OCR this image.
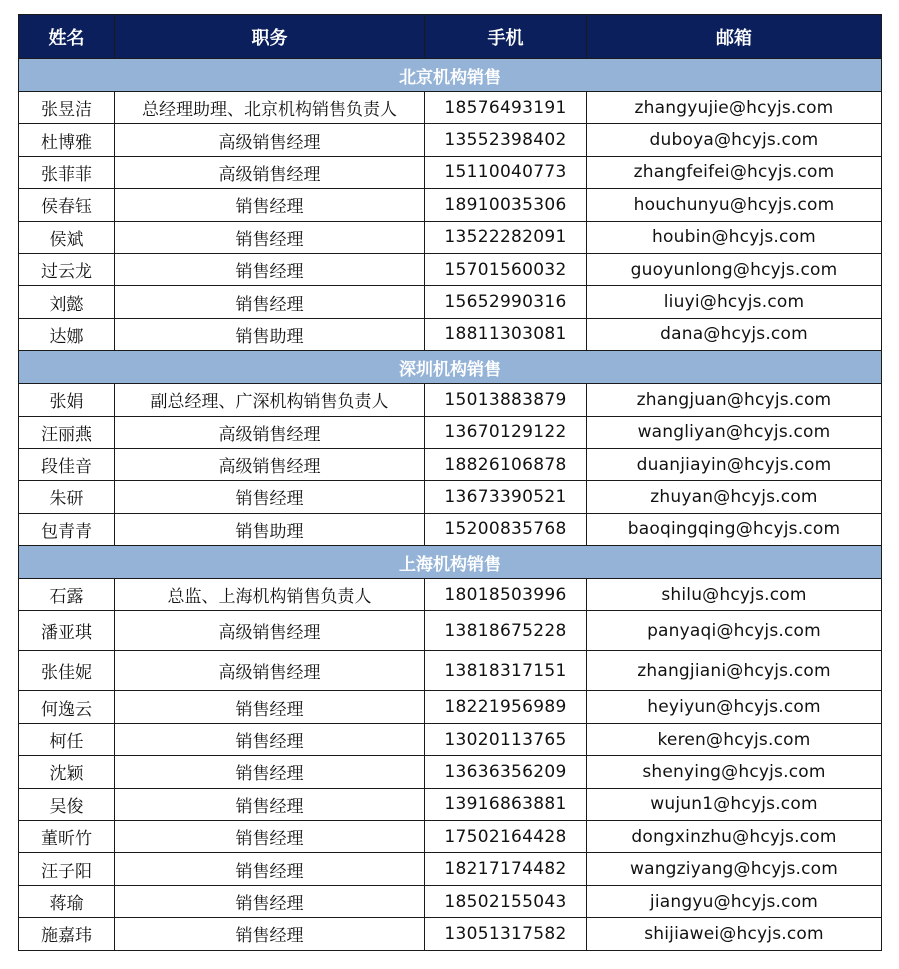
姓名	职务	手机	邮箱
北京机构销售			
张昱洁	总经理助理、北京机构销售负责人	18576493191	zhangyujie@hcyjs.com
杜博雅	高级销售经理	13552398402	duboya@hcyjs.com
张菲菲	高级销售经理	15110040773	zhangfeifei@hcyjs.com
侯春钰	销售经理	18910035306	houchunyu@hcyjs.com
侯斌	销售经理	13522282091	houbin@hcyjs.com
过云龙	销售经理	15701560032	guoyunlong@hcyjs.com
刘懿	销售经理	15652990316	liuyi@hcyjs.com
达娜	销售助理	18811303081	dana@hcyjs.com
深圳机构销售			
张娟	副总经理、广深机构销售负责人	15013883879	zhangjuan@hcyjs.com
汪丽燕	高级销售经理	13670129122	wangliyan@hcyjs.com
段佳音	高级销售经理	18826106878	duanjiayin@hcyjs.com
朱研	销售经理	13673390521	zhuyan@hcyjs.com
包青青	销售助理	15200835768	baoqingqing@hcyjs.com
上海机构销售			
石露	总监、上海机构销售负责人	18018503996	shilu@hcyjs.com
潘亚琪	高级销售经理	13818675228	panyaqi@hcyjs.com
张佳妮	高级销售经理	13818317151	zhangjiani@hcyjs.com
何逸云	销售经理	18221956989	heyiyun@hcyjs.com
柯任	销售经理	13020113765	keren@hcyjs.com
沈颖	销售经理	13636356209	shenying@hcyjs.com
吴俊	销售经理	13916863881	wujun1@hcyjs.com
董昕竹	销售经理	17502164428	dongxinzhu@hcyjs.com
汪子阳	销售经理	18217174482	wangziyang@hcyjs.com
蒋瑜	销售经理	18502155043	jiangyu@hcyjs.com
施嘉玮	销售经理	13051317582	shijiawei@hcyjs.com
